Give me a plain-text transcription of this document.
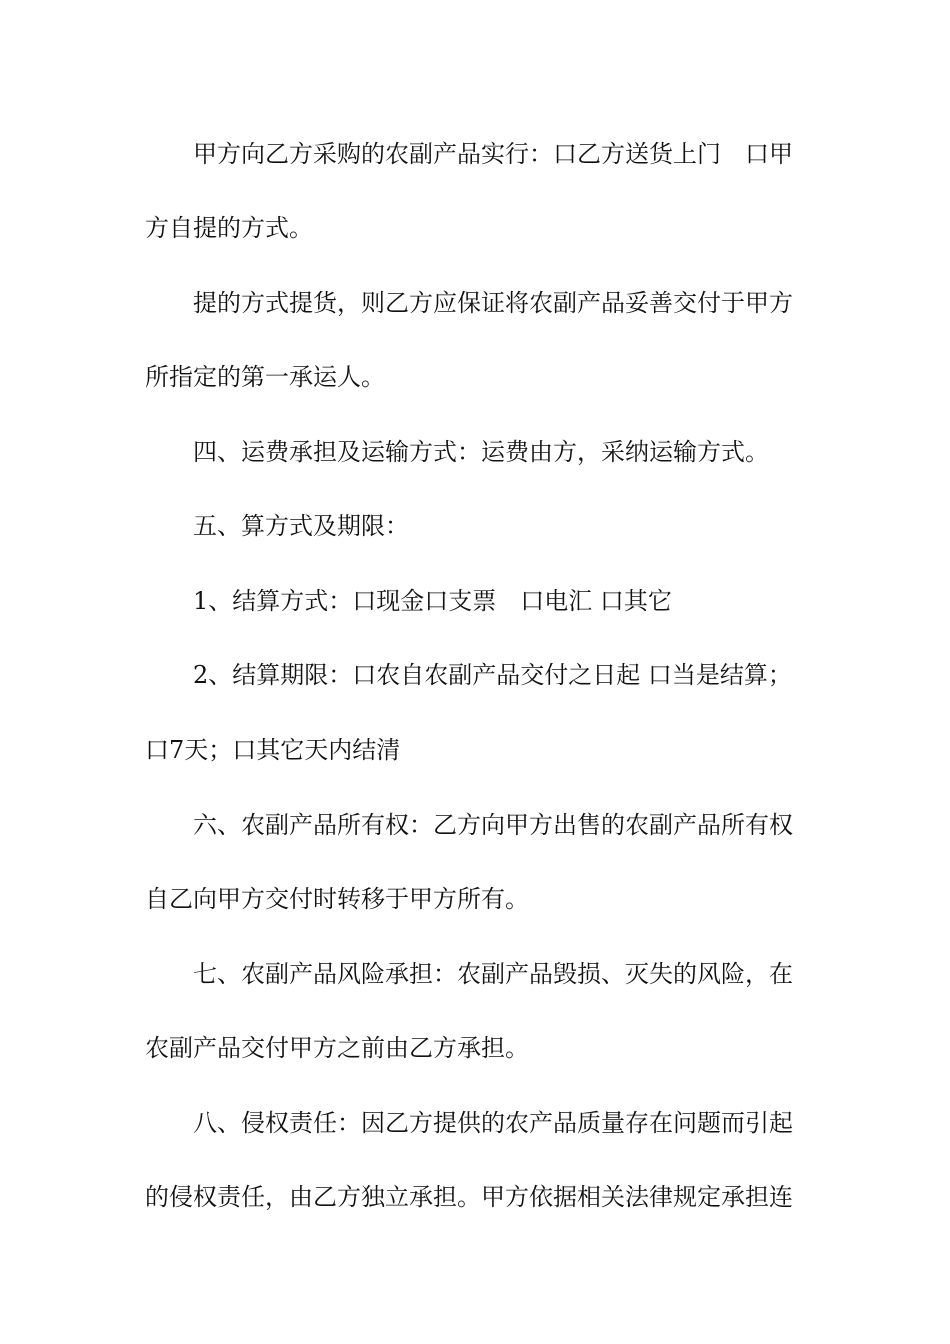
甲方向乙方采购的农副产品实行：口乙方送货上门　口甲
方自提的方式。
提的方式提货，则乙方应保证将农副产品妥善交付于甲方
所指定的第一承运人。
四、运费承担及运输方式：运费由方，采纳运输方式。
五、算方式及期限：
1、结算方式：口现金口支票　口电汇 口其它
2、结算期限：口农自农副产品交付之日起 口当是结算；
口7天；口其它天内结清
六、农副产品所有权：乙方向甲方出售的农副产品所有权
自乙向甲方交付时转移于甲方所有。
七、农副产品风险承担：农副产品毁损、灭失的风险，在
农副产品交付甲方之前由乙方承担。
八、侵权责任：因乙方提供的农产品质量存在问题而引起
的侵权责任，由乙方独立承担。甲方依据相关法律规定承担连
